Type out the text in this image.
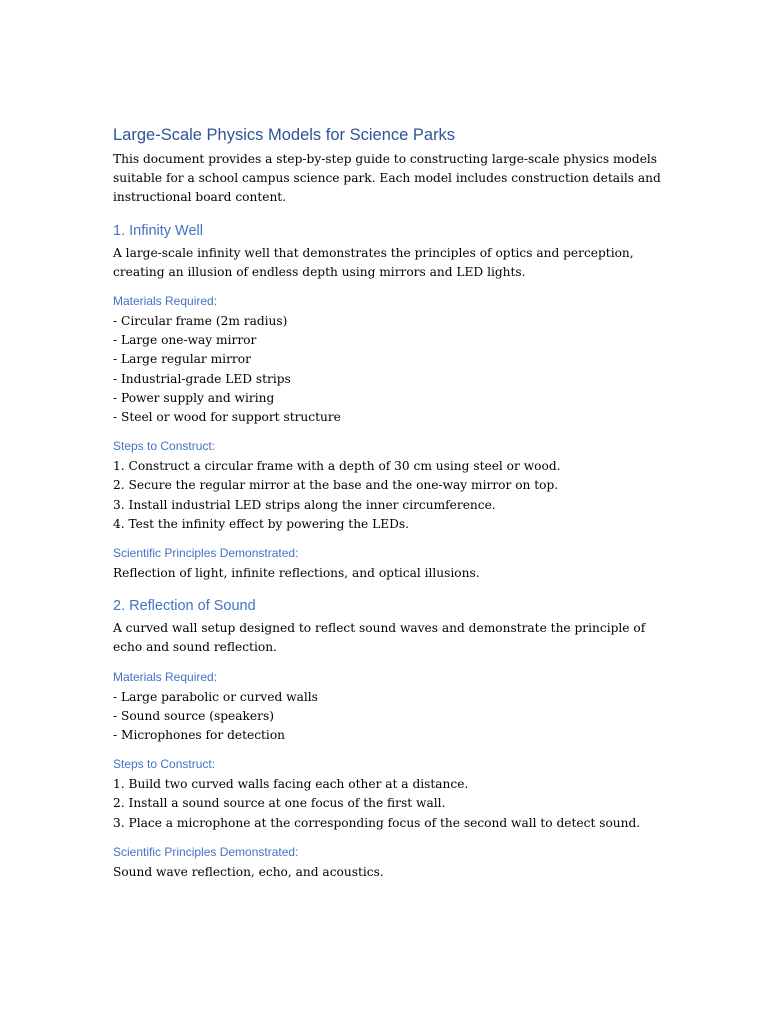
Large-Scale Physics Models for Science Parks

This document provides a step-by-step guide to constructing large-scale physics models suitable for a school campus science park. Each model includes construction details and instructional board content.

1. Infinity Well

A large-scale infinity well that demonstrates the principles of optics and perception, creating an illusion of endless depth using mirrors and LED lights.

Materials Required:

- Circular frame (2m radius)

- Large one-way mirror

- Large regular mirror

- Industrial-grade LED strips

- Power supply and wiring

- Steel or wood for support structure

Steps to Construct:

1. Construct a circular frame with a depth of 30 cm using steel or wood.

2. Secure the regular mirror at the base and the one-way mirror on top.

3. Install industrial LED strips along the inner circumference.

4. Test the infinity effect by powering the LEDs.

Scientific Principles Demonstrated:

Reflection of light, infinite reflections, and optical illusions.

2. Reflection of Sound

A curved wall setup designed to reflect sound waves and demonstrate the principle of echo and sound reflection.

Materials Required:

- Large parabolic or curved walls

- Sound source (speakers)

- Microphones for detection

Steps to Construct:

1. Build two curved walls facing each other at a distance.

2. Install a sound source at one focus of the first wall.

3. Place a microphone at the corresponding focus of the second wall to detect sound.

Scientific Principles Demonstrated:

Sound wave reflection, echo, and acoustics.
